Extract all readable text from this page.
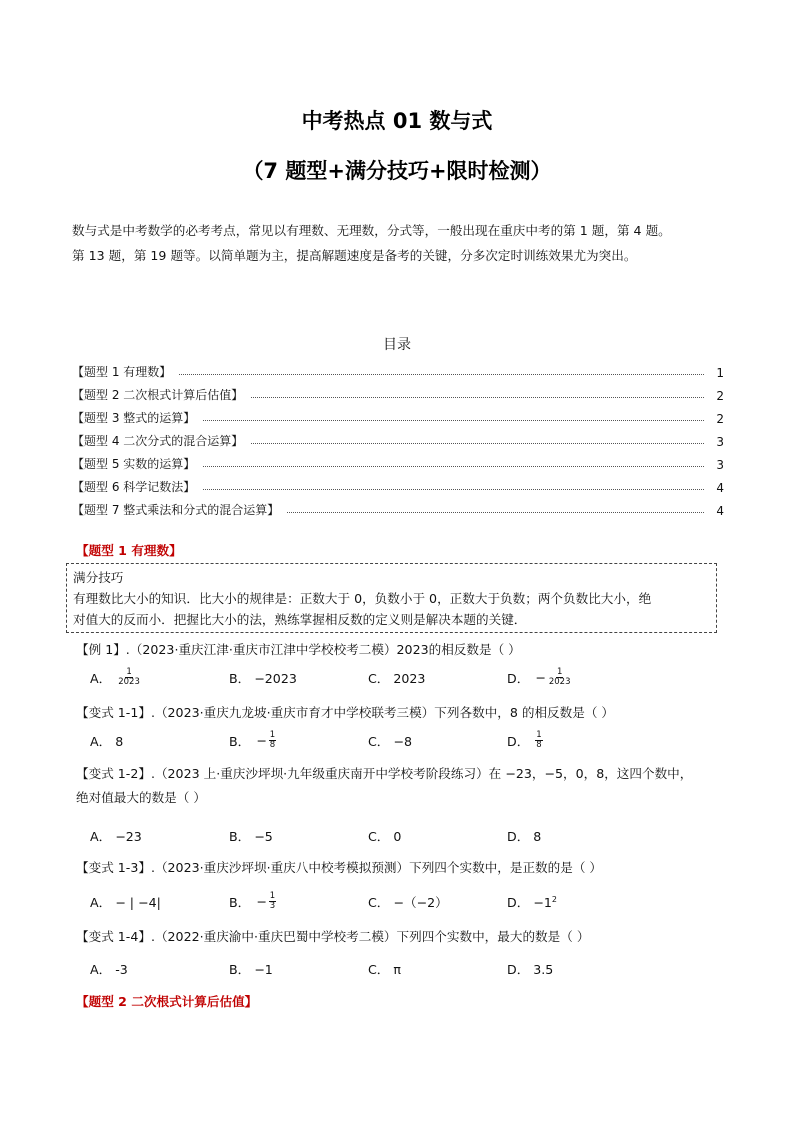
中考热点 01 数与式
（7 题型+满分技巧+限时检测）
数与式是中考数学的必考考点，常见以有理数、无理数，分式等，一般出现在重庆中考的第 1 题，第 4 题。
第 13 题，第 19 题等。以简单题为主，提高解题速度是备考的关键，分多次定时训练效果尤为突出。
目录
【题型 1 有理数】	1
【题型 2 二次根式计算后估值】	2
【题型 3 整式的运算】	2
【题型 4 二次分式的混合运算】	3
【题型 5 实数的运算】	3
【题型 6 科学记数法】	4
【题型 7 整式乘法和分式的混合运算】	4
【题型 1 有理数】
满分技巧
有理数比大小的知识．比大小的规律是：正数大于 0，负数小于 0，正数大于负数；两个负数比大小，绝
对值大的反而小．把握比大小的法，熟练掌握相反数的定义则是解决本题的关键．
【例 1】.（2023·重庆江津·重庆市江津中学校校考二模）2023的相反数是（ ）
A． $\frac{1}{2023}$	B． −2023	C． 2023	D． − $\frac{1}{2023}$
【变式 1-1】.（2023·重庆九龙坡·重庆市育才中学校联考三模）下列各数中，8 的相反数是（ ）
A． 8	B． − $\frac{1}{8}$	C． −8	D． $\frac{1}{8}$
【变式 1-2】.（2023 上·重庆沙坪坝·九年级重庆南开中学校考阶段练习）在 −23，−5，0，8，这四个数中，
绝对值最大的数是（ ）
A． −23	B． −5	C． 0	D． 8
【变式 1-3】.（2023·重庆沙坪坝·重庆八中校考模拟预测）下列四个实数中，是正数的是（ ）
A． − | −4|	B． − $\frac{1}{3}$	C． −（−2）	D． $-1^2$
【变式 1-4】.（2022·重庆渝中·重庆巴蜀中学校考二模）下列四个实数中，最大的数是（ ）
A． -3	B． −1	C． π	D． 3.5
【题型 2 二次根式计算后估值】
